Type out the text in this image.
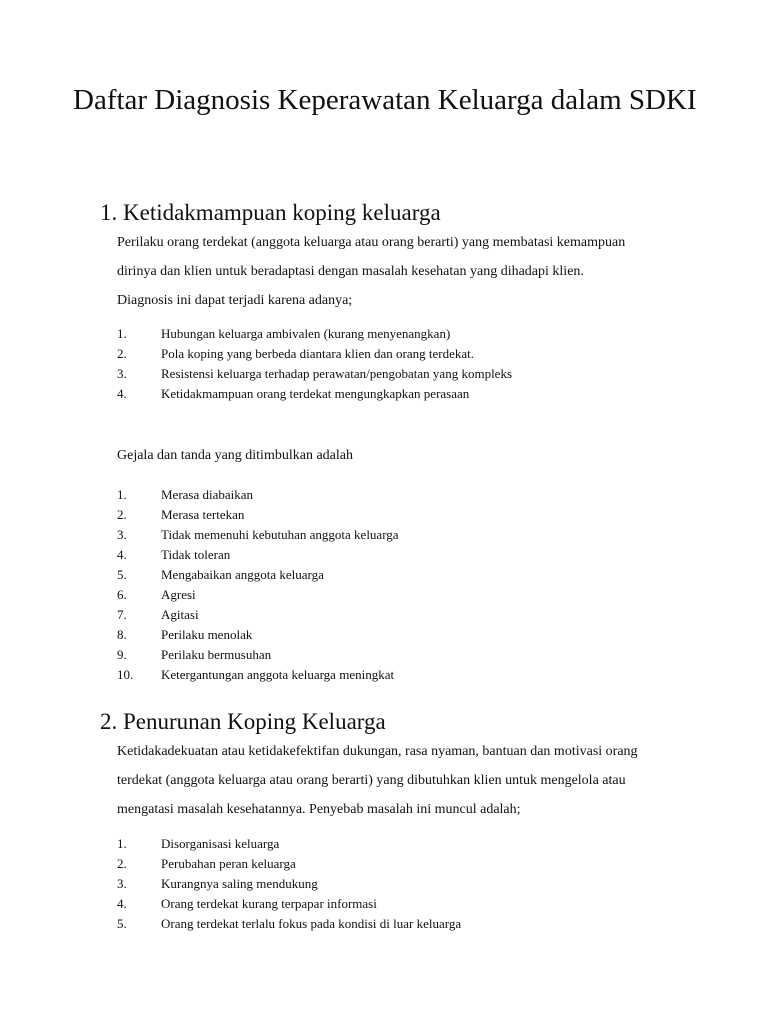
Daftar Diagnosis Keperawatan Keluarga dalam SDKI
1. Ketidakmampuan koping keluarga
Perilaku orang terdekat (anggota keluarga atau orang berarti) yang membatasi kemampuan
dirinya dan klien untuk beradaptasi dengan masalah kesehatan yang dihadapi klien.
Diagnosis ini dapat terjadi karena adanya;
1.	Hubungan keluarga ambivalen (kurang menyenangkan)
2.	Pola koping yang berbeda diantara klien dan orang terdekat.
3.	Resistensi keluarga terhadap perawatan/pengobatan yang kompleks
4.	Ketidakmampuan orang terdekat mengungkapkan perasaan
Gejala dan tanda yang ditimbulkan adalah
1.	Merasa diabaikan
2.	Merasa tertekan
3.	Tidak memenuhi kebutuhan anggota keluarga
4.	Tidak toleran
5.	Mengabaikan anggota keluarga
6.	Agresi
7.	Agitasi
8.	Perilaku menolak
9.	Perilaku bermusuhan
10.	Ketergantungan anggota keluarga meningkat
2. Penurunan Koping Keluarga
Ketidakadekuatan atau ketidakefektifan dukungan, rasa nyaman, bantuan dan motivasi orang
terdekat (anggota keluarga atau orang berarti) yang dibutuhkan klien untuk mengelola atau
mengatasi masalah kesehatannya. Penyebab masalah ini muncul adalah;
1.	Disorganisasi keluarga
2.	Perubahan peran keluarga
3.	Kurangnya saling mendukung
4.	Orang terdekat kurang terpapar informasi
5.	Orang terdekat terlalu fokus pada kondisi di luar keluarga
